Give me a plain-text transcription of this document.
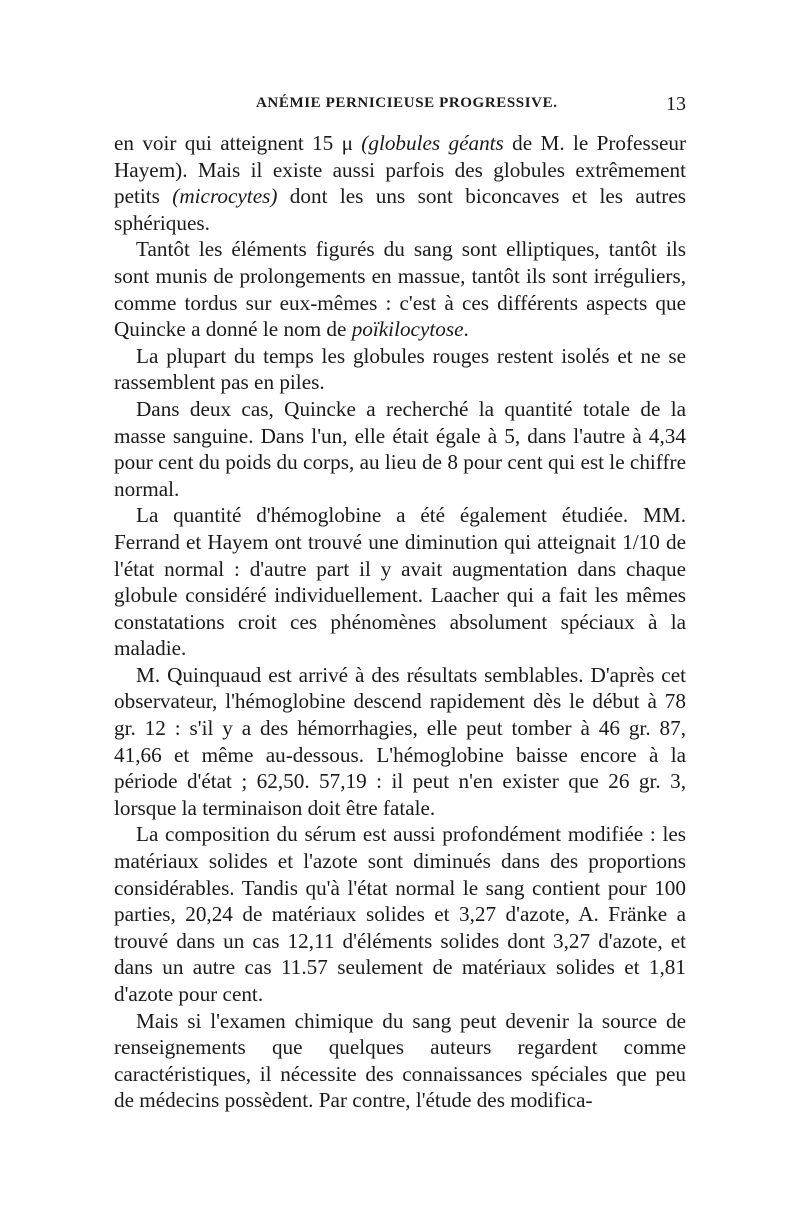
ANÉMIE PERNICIEUSE PROGRESSIVE.	13

en voir qui atteignent 15 μ (globules géants de M. le Professeur Hayem). Mais il existe aussi parfois des globules extrêmement petits (microcytes) dont les uns sont biconcaves et les autres sphériques.

Tantôt les éléments figurés du sang sont elliptiques, tantôt ils sont munis de prolongements en massue, tantôt ils sont irréguliers, comme tordus sur eux-mêmes : c'est à ces différents aspects que Quincke a donné le nom de poïkilocytose.

La plupart du temps les globules rouges restent isolés et ne se rassemblent pas en piles.

Dans deux cas, Quincke a recherché la quantité totale de la masse sanguine. Dans l'un, elle était égale à 5, dans l'autre à 4,34 pour cent du poids du corps, au lieu de 8 pour cent qui est le chiffre normal.

La quantité d'hémoglobine a été également étudiée. MM. Ferrand et Hayem ont trouvé une diminution qui atteignait 1/10 de l'état normal : d'autre part il y avait augmentation dans chaque globule considéré individuellement. Laacher qui a fait les mêmes constatations croit ces phénomènes absolument spéciaux à la maladie.

M. Quinquaud est arrivé à des résultats semblables. D'après cet observateur, l'hémoglobine descend rapidement dès le début à 78 gr. 12 : s'il y a des hémorrhagies, elle peut tomber à 46 gr. 87, 41,66 et même au-dessous. L'hémoglobine baisse encore à la période d'état ; 62,50. 57,19 : il peut n'en exister que 26 gr. 3, lorsque la terminaison doit être fatale.

La composition du sérum est aussi profondément modifiée : les matériaux solides et l'azote sont diminués dans des proportions considérables. Tandis qu'à l'état normal le sang contient pour 100 parties, 20,24 de matériaux solides et 3,27 d'azote, A. Fränke a trouvé dans un cas 12,11 d'éléments solides dont 3,27 d'azote, et dans un autre cas 11.57 seulement de matériaux solides et 1,81 d'azote pour cent.

Mais si l'examen chimique du sang peut devenir la source de renseignements que quelques auteurs regardent comme caractéristiques, il nécessite des connaissances spéciales que peu de médecins possèdent. Par contre, l'étude des modifica-
